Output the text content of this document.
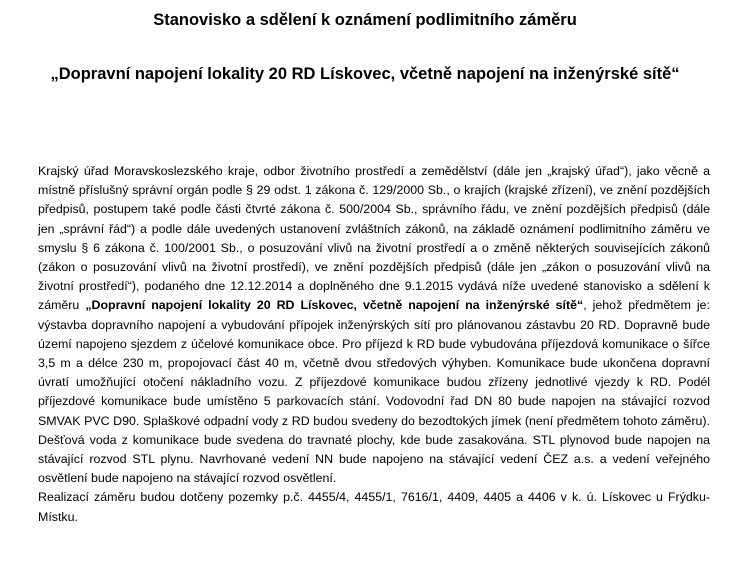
Stanovisko a sdělení k oznámení podlimitního záměru
„Dopravní napojení lokality 20 RD Lískovec, včetně napojení na inženýrské sítě“

Krajský úřad Moravskoslezského kraje, odbor životního prostředí a zemědělství (dále jen „krajský úřad“), jako věcně a místně příslušný správní orgán podle § 29 odst. 1 zákona č. 129/2000 Sb., o krajích (krajské zřízení), ve znění pozdějších předpisů, postupem také podle části čtvrté zákona č. 500/2004 Sb., správního řádu, ve znění pozdějších předpisů (dále jen „správní řád“) a podle dále uvedených ustanovení zvláštních zákonů, na základě oznámení podlimitního záměru ve smyslu § 6 zákona č. 100/2001 Sb., o posuzování vlivů na životní prostředí a o změně některých souvisejících zákonů (zákon o posuzování vlivů na životní prostředí), ve znění pozdějších předpisů (dále jen „zákon o posuzování vlivů na životní prostředí“), podaného dne 12.12.2014 a doplněného dne 9.1.2015 vydává níže uvedené stanovisko a sdělení k záměru „Dopravní napojení lokality 20 RD Lískovec, včetně napojení na inženýrské sítě“, jehož předmětem je: výstavba dopravního napojení a vybudování přípojek inženýrských sítí pro plánovanou zástavbu 20 RD. Dopravně bude území napojeno sjezdem z účelové komunikace obce. Pro příjezd k RD bude vybudována příjezdová komunikace o šířce 3,5 m a délce 230 m, propojovací část 40 m, včetně dvou středových výhyben. Komunikace bude ukončena dopravní úvratí umožňující otočení nákladního vozu. Z příjezdové komunikace budou zřízeny jednotlivé vjezdy k RD. Podél příjezdové komunikace bude umístěno 5 parkovacích stání. Vodovodní řad DN 80 bude napojen na stávající rozvod SMVAK PVC D90. Splaškové odpadní vody z RD budou svedeny do bezodtokých jímek (není předmětem tohoto záměru). Dešťová voda z komunikace bude svedena do travnaté plochy, kde bude zasakována. STL plynovod bude napojen na stávající rozvod STL plynu. Navrhované vedení NN bude napojeno na stávající vedení ČEZ a.s. a vedení veřejného osvětlení bude napojeno na stávající rozvod osvětlení.

Realizací záměru budou dotčeny pozemky p.č. 4455/4, 4455/1, 7616/1, 4409, 4405 a 4406 v k. ú. Lískovec u Frýdku-Místku.
